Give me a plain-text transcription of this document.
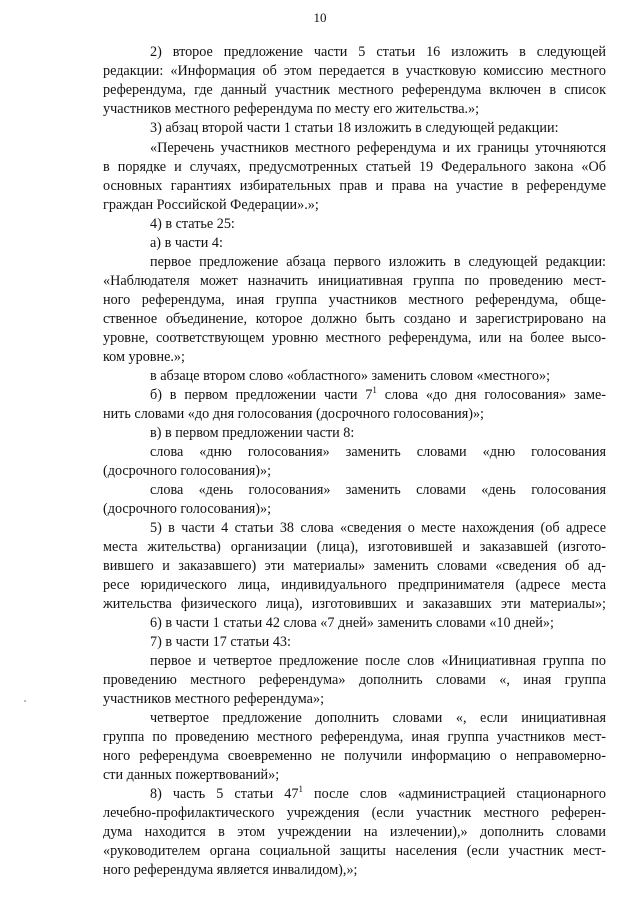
10
2) второе предложение части 5 статьи 16 изложить в следующей
редакции: «Информация об этом передается в участковую комиссию местного
референдума, где данный участник местного референдума включен в список
участников местного референдума по месту его жительства.»;
3) абзац второй части 1 статьи 18 изложить в следующей редакции:
«Перечень участников местного референдума и их границы уточняются
в порядке и случаях, предусмотренных статьей 19 Федерального закона «Об
основных гарантиях избирательных прав и права на участие в референдуме
граждан Российской Федерации».»;
4) в статье 25:
а) в части 4:
первое предложение абзаца первого изложить в следующей редакции:
«Наблюдателя может назначить инициативная группа по проведению мест-
ного референдума, иная группа участников местного референдума, обще-
ственное объединение, которое должно быть создано и зарегистрировано на
уровне, соответствующем уровню местного референдума, или на более высо-
ком уровне.»;
в абзаце втором слово «областного» заменить словом «местного»;
б) в первом предложении части $7^1$ слова «до дня голосования» заме-
нить словами «до дня голосования (досрочного голосования)»;
в) в первом предложении части 8:
слова «дню голосования» заменить словами «дню голосования
(досрочного голосования)»;
слова «день голосования» заменить словами «день голосования
(досрочного голосования)»;
5) в части 4 статьи 38 слова «сведения о месте нахождения (об адресе
места жительства) организации (лица), изготовившей и заказавшей (изгото-
вившего и заказавшего) эти материалы» заменить словами «сведения об ад-
ресе юридического лица, индивидуального предпринимателя (адресе места
жительства физического лица), изготовивших и заказавших эти материалы»;
6) в части 1 статьи 42 слова «7 дней» заменить словами «10 дней»;
7) в части 17 статьи 43:
первое и четвертое предложение после слов «Инициативная группа по
проведению местного референдума» дополнить словами «, иная группа
участников местного референдума»;
четвертое предложение дополнить словами «, если инициативная
группа по проведению местного референдума, иная группа участников мест-
ного референдума своевременно не получили информацию о неправомерно-
сти данных пожертвований»;
8) часть 5 статьи $47^1$ после слов «администрацией стационарного
лечебно-профилактического учреждения (если участник местного референ-
дума находится в этом учреждении на излечении),» дополнить словами
«руководителем органа социальной защиты населения (если участник мест-
ного референдума является инвалидом),»;
